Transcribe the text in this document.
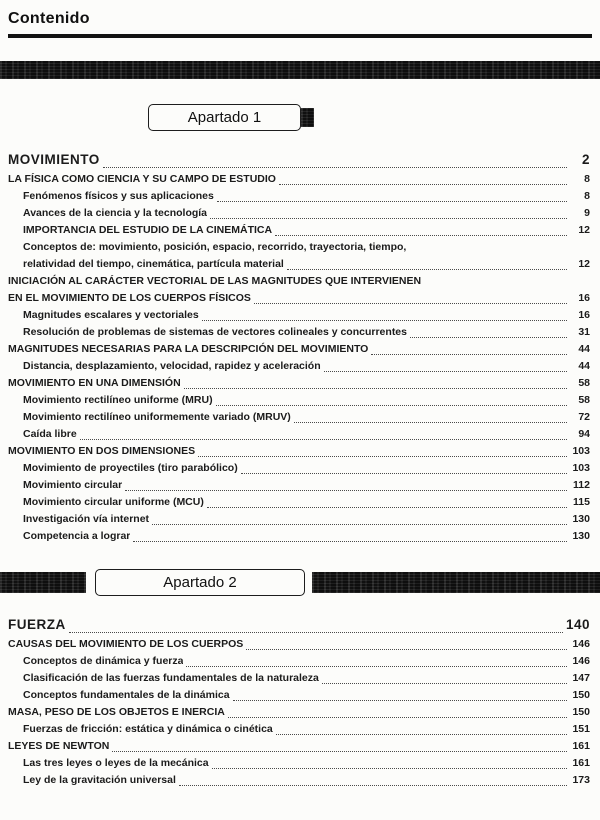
Contenido
Apartado 1
MOVIMIENTO	2
LA FÍSICA COMO CIENCIA Y SU CAMPO DE ESTUDIO	8
Fenómenos físicos y sus aplicaciones	8
Avances de la ciencia y la tecnología	9
IMPORTANCIA DEL ESTUDIO DE LA CINEMÁTICA	12
Conceptos de: movimiento, posición, espacio, recorrido, trayectoria, tiempo,
relatividad del tiempo, cinemática, partícula material	12
INICIACIÓN AL CARÁCTER VECTORIAL DE LAS MAGNITUDES QUE INTERVIENEN
EN EL MOVIMIENTO DE LOS CUERPOS FÍSICOS	16
Magnitudes escalares y vectoriales	16
Resolución de problemas de sistemas de vectores colineales y concurrentes	31
MAGNITUDES NECESARIAS PARA LA DESCRIPCIÓN DEL MOVIMIENTO	44
Distancia, desplazamiento, velocidad, rapidez y aceleración	44
MOVIMIENTO EN UNA DIMENSIÓN	58
Movimiento rectilíneo uniforme (MRU)	58
Movimiento rectilíneo uniformemente variado (MRUV)	72
Caída libre	94
MOVIMIENTO EN DOS DIMENSIONES	103
Movimiento de proyectiles (tiro parabólico)	103
Movimiento circular	112
Movimiento circular uniforme (MCU)	115
Investigación vía internet	130
Competencia a lograr	130
Apartado 2
FUERZA	140
CAUSAS DEL MOVIMIENTO DE LOS CUERPOS	146
Conceptos de dinámica y fuerza	146
Clasificación de las fuerzas fundamentales de la naturaleza	147
Conceptos fundamentales de la dinámica	150
MASA, PESO DE LOS OBJETOS E INERCIA	150
Fuerzas de fricción: estática y dinámica o cinética	151
LEYES DE NEWTON	161
Las tres leyes o leyes de la mecánica	161
Ley de la gravitación universal	173
